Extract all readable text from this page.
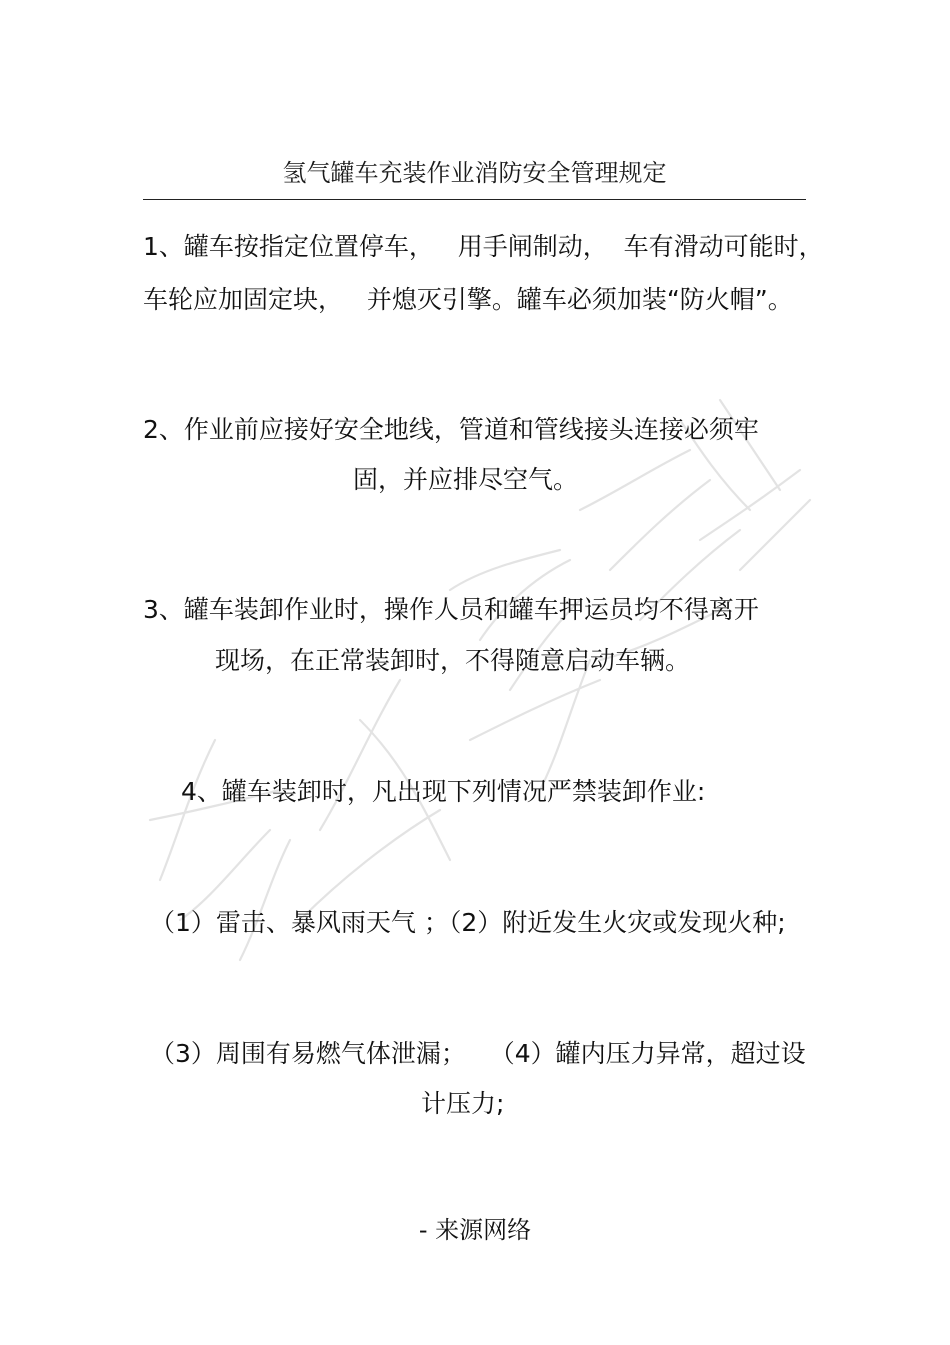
氢气罐车充装作业消防安全管理规定
1、罐车按指定位置停车，   用手闸制动，  车有滑动可能时，
车轮应加固定块，   并熄灭引擎。罐车必须加装“防火帽”。
2、作业前应接好安全地线，管道和管线接头连接必须牢
固，并应排尽空气。
3、罐车装卸作业时，操作人员和罐车押运员均不得离开
现场，在正常装卸时，不得随意启动车辆。
4、罐车装卸时，凡出现下列情况严禁装卸作业:
（1）雷击、暴风雨天气 ；（2）附近发生火灾或发现火种;
（3）周围有易燃气体泄漏；   （4）罐内压力异常，超过设
计压力;
- 来源网络
